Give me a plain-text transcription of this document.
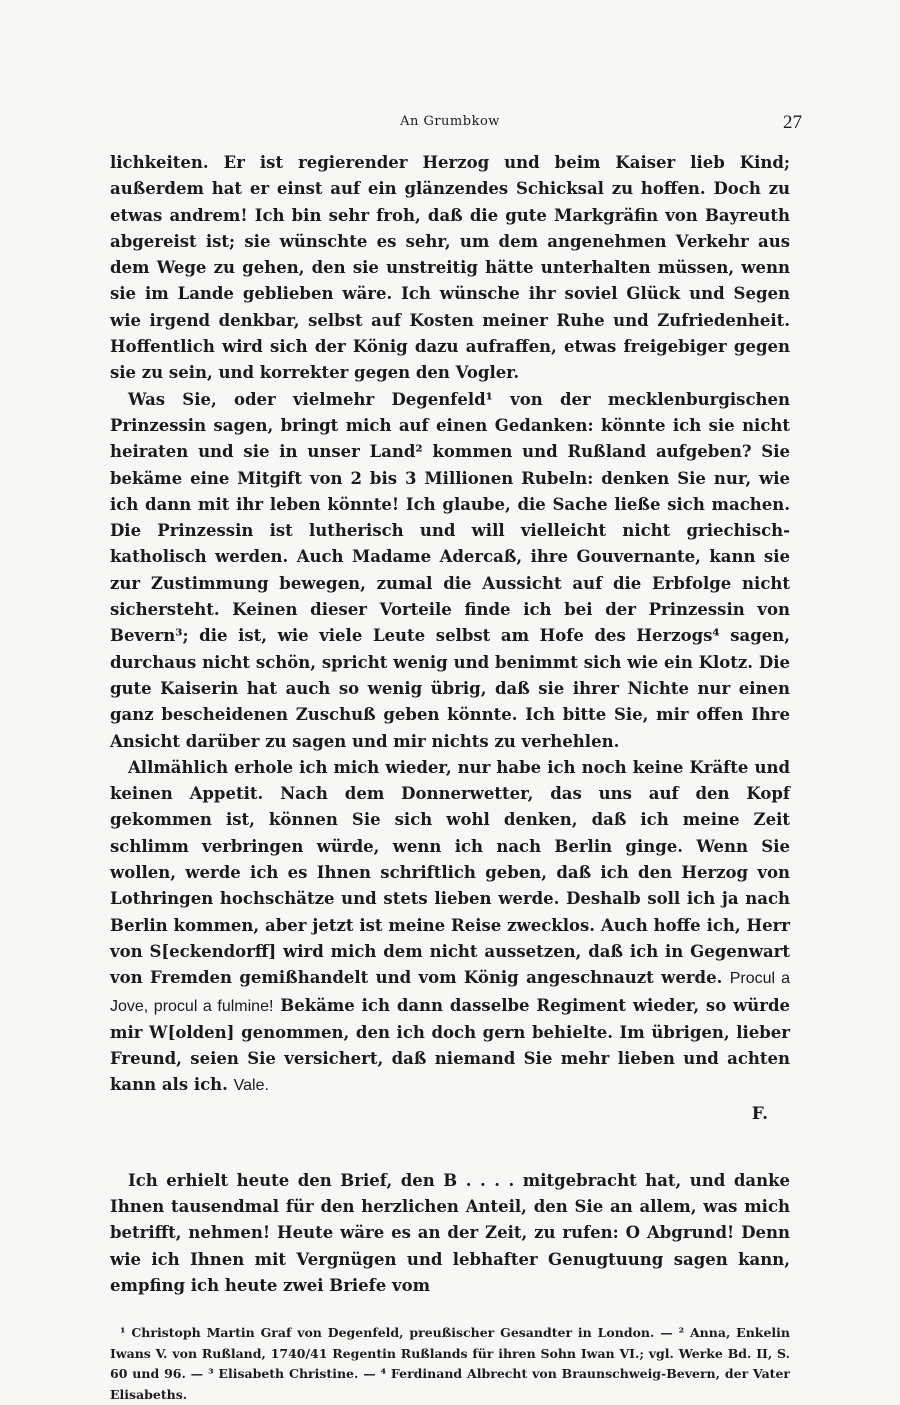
An Grumbkow	27

lichkeiten. Er ist regierender Herzog und beim Kaiser lieb Kind; außerdem hat er einst auf ein glänzendes Schicksal zu hoffen. Doch zu etwas andrem! Ich bin sehr froh, daß die gute Markgräfin von Bayreuth abgereist ist; sie wünschte es sehr, um dem angenehmen Verkehr aus dem Wege zu gehen, den sie unstreitig hätte unterhalten müssen, wenn sie im Lande geblieben wäre. Ich wünsche ihr soviel Glück und Segen wie irgend denkbar, selbst auf Kosten meiner Ruhe und Zufriedenheit. Hoffentlich wird sich der König dazu aufraffen, etwas freigebiger gegen sie zu sein, und korrekter gegen den Vogler.

Was Sie, oder vielmehr Degenfeld¹ von der mecklenburgischen Prinzessin sagen, bringt mich auf einen Gedanken: könnte ich sie nicht heiraten und sie in unser Land² kommen und Rußland aufgeben? Sie bekäme eine Mitgift von 2 bis 3 Millionen Rubeln: denken Sie nur, wie ich dann mit ihr leben könnte! Ich glaube, die Sache ließe sich machen. Die Prinzessin ist lutherisch und will vielleicht nicht griechisch-katholisch werden. Auch Madame Adercaß, ihre Gouvernante, kann sie zur Zustimmung bewegen, zumal die Aussicht auf die Erbfolge nicht sichersteht. Keinen dieser Vorteile finde ich bei der Prinzessin von Bevern³; die ist, wie viele Leute selbst am Hofe des Herzogs⁴ sagen, durchaus nicht schön, spricht wenig und benimmt sich wie ein Klotz. Die gute Kaiserin hat auch so wenig übrig, daß sie ihrer Nichte nur einen ganz bescheidenen Zuschuß geben könnte. Ich bitte Sie, mir offen Ihre Ansicht darüber zu sagen und mir nichts zu verhehlen.

Allmählich erhole ich mich wieder, nur habe ich noch keine Kräfte und keinen Appetit. Nach dem Donnerwetter, das uns auf den Kopf gekommen ist, können Sie sich wohl denken, daß ich meine Zeit schlimm verbringen würde, wenn ich nach Berlin ginge. Wenn Sie wollen, werde ich es Ihnen schriftlich geben, daß ich den Herzog von Lothringen hochschätze und stets lieben werde. Deshalb soll ich ja nach Berlin kommen, aber jetzt ist meine Reise zwecklos. Auch hoffe ich, Herr von S[eckendorff] wird mich dem nicht aussetzen, daß ich in Gegenwart von Fremden gemißhandelt und vom König angeschnauzt werde. Procul a Jove, procul a fulmine! Bekäme ich dann dasselbe Regiment wieder, so würde mir W[olden] genommen, den ich doch gern behielte. Im übrigen, lieber Freund, seien Sie versichert, daß niemand Sie mehr lieben und achten kann als ich. Vale.

F.

Ich erhielt heute den Brief, den B . . . . mitgebracht hat, und danke Ihnen tausendmal für den herzlichen Anteil, den Sie an allem, was mich betrifft, nehmen! Heute wäre es an der Zeit, zu rufen: O Abgrund! Denn wie ich Ihnen mit Vergnügen und lebhafter Genugtuung sagen kann, empfing ich heute zwei Briefe vom

¹ Christoph Martin Graf von Degenfeld, preußischer Gesandter in London. — ² Anna, Enkelin Iwans V. von Rußland, 1740/41 Regentin Rußlands für ihren Sohn Iwan VI.; vgl. Werke Bd. II, S. 60 und 96. — ³ Elisabeth Christine. — ⁴ Ferdinand Albrecht von Braunschweig-Bevern, der Vater Elisabeths.
